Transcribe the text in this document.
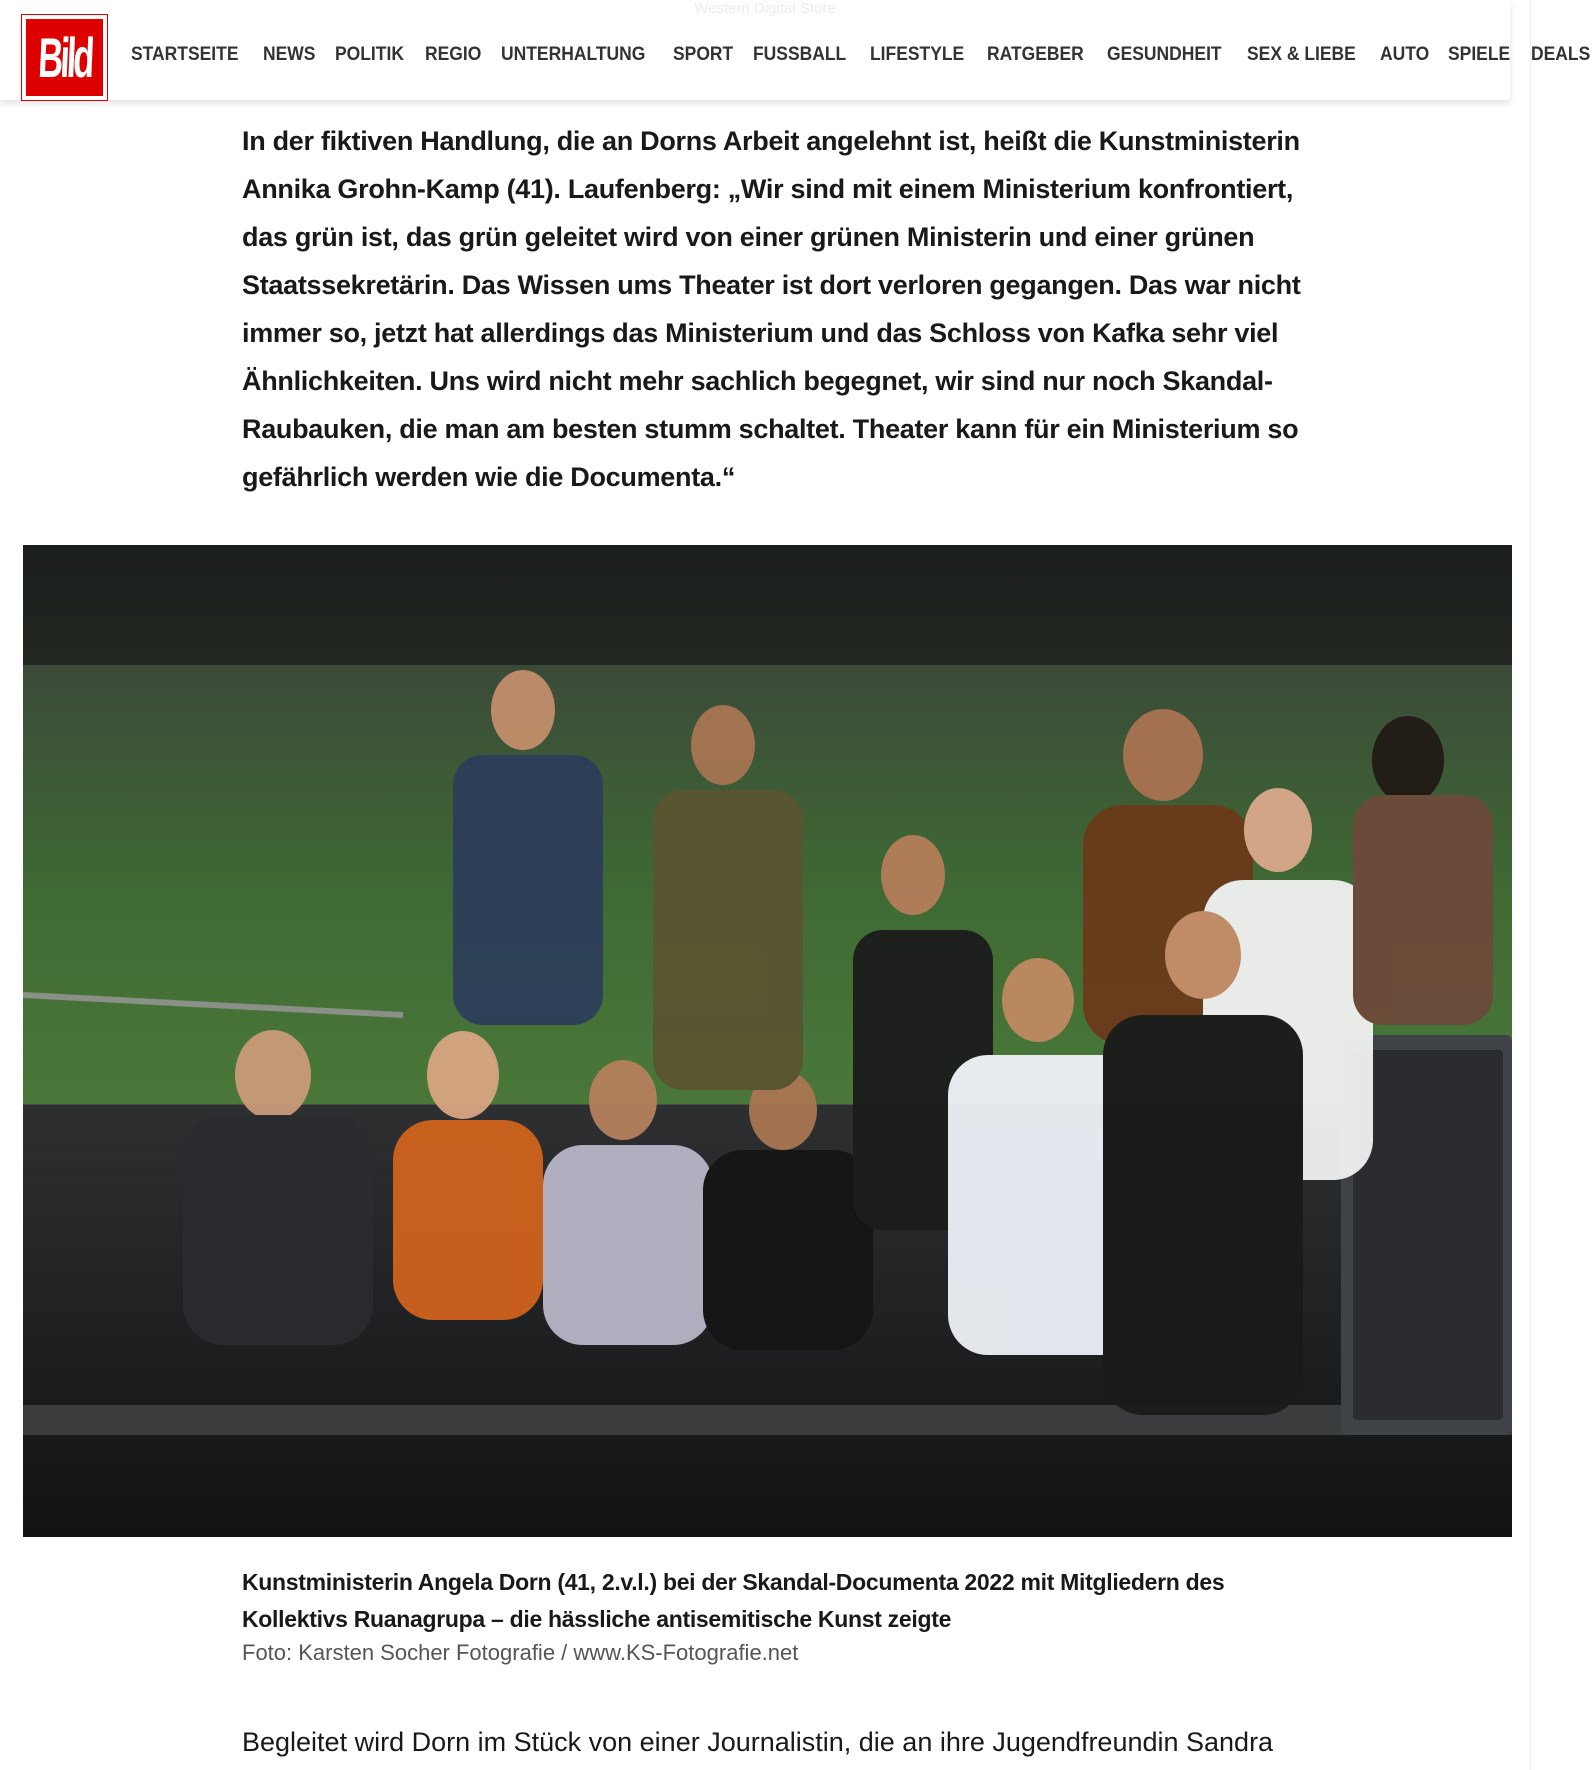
Western Digital Store
Bild STARTSEITE NEWS POLITIK REGIO UNTERHALTUNG SPORT FUSSBALL LIFESTYLE RATGEBER GESUNDHEIT SEX & LIEBE AUTO SPIELE DEALS

In der fiktiven Handlung, die an Dorns Arbeit angelehnt ist, heißt die Kunstministerin Annika Grohn-Kamp (41). Laufenberg: „Wir sind mit einem Ministerium konfrontiert, das grün ist, das grün geleitet wird von einer grünen Ministerin und einer grünen Staatssekretärin. Das Wissen ums Theater ist dort verloren gegangen. Das war nicht immer so, jetzt hat allerdings das Ministerium und das Schloss von Kafka sehr viel Ähnlichkeiten. Uns wird nicht mehr sachlich begegnet, wir sind nur noch Skandal-Raubauken, die man am besten stumm schaltet. Theater kann für ein Ministerium so gefährlich werden wie die Documenta.“

Kunstministerin Angela Dorn (41, 2.v.l.) bei der Skandal-Documenta 2022 mit Mitgliedern des Kollektivs Ruanagrupa – die hässliche antisemitische Kunst zeigte

Foto: Karsten Socher Fotografie / www.KS-Fotografie.net

Begleitet wird Dorn im Stück von einer Journalistin, die an ihre Jugendfreundin Sandra
